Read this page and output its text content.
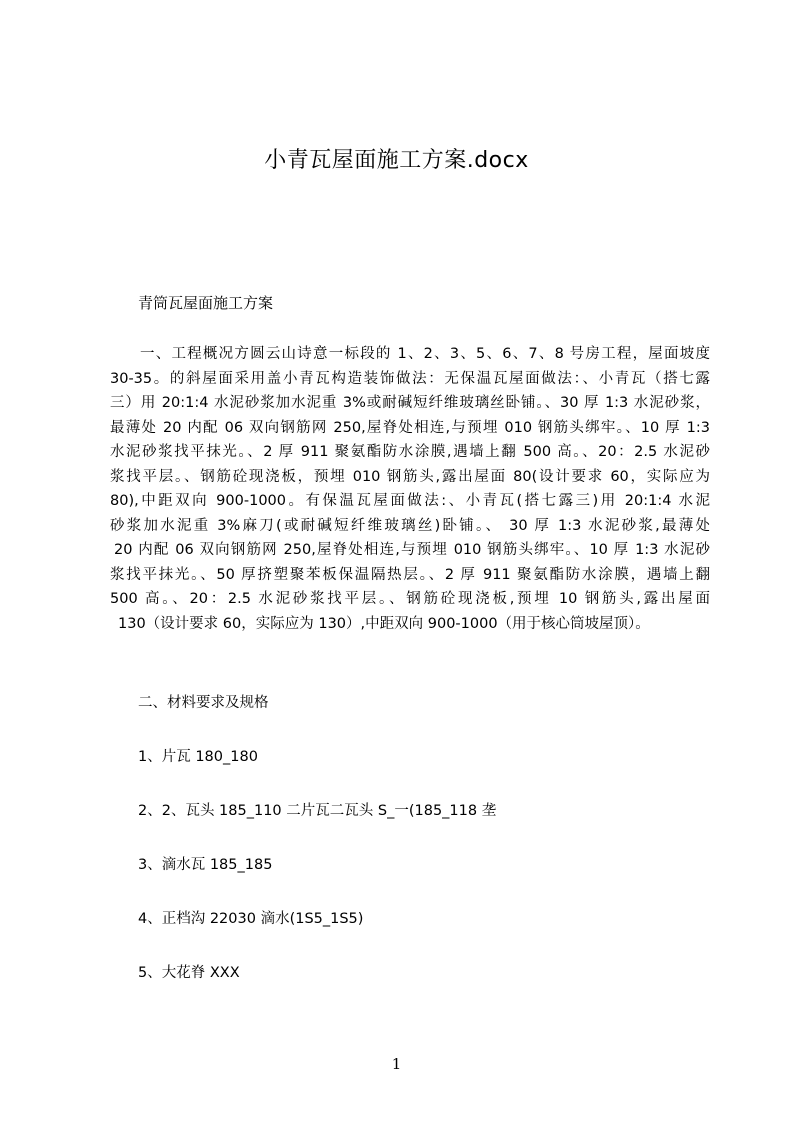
小青瓦屋面施工方案.docx

青筒瓦屋面施工方案

一、工程概况方圆云山诗意一标段的 1、2、3、5、6、7、8 号房工程，屋面坡度
30-35。的斜屋面采用盖小青瓦构造装饰做法：无保温瓦屋面做法：、小青瓦（搭七露
三）用 20:1:4 水泥砂浆加水泥重 3%或耐碱短纤维玻璃丝卧铺。、30 厚 1:3 水泥砂浆，
最薄处 20 内配 06 双向钢筋网 250,屋脊处相连,与预埋 010 钢筋头绑牢。、10 厚 1:3
水泥砂浆找平抹光。、2 厚 911 聚氨酯防水涂膜,遇墙上翻 500 高。、20：2.5 水泥砂
浆找平层。、钢筋砼现浇板，预埋 010 钢筋头,露出屋面 80(设计要求 60，实际应为
80),中距双向 900-1000。有保温瓦屋面做法:、小青瓦(搭七露三)用 20:1:4 水泥
砂浆加水泥重 3%麻刀(或耐碱短纤维玻璃丝)卧铺。、 30 厚 1:3 水泥砂浆,最薄处
20 内配 06 双向钢筋网 250,屋脊处相连,与预埋 010 钢筋头绑牢。、10 厚 1:3 水泥砂
浆找平抹光。、50 厚挤塑聚苯板保温隔热层。、2 厚 911 聚氨酯防水涂膜，遇墙上翻
500 高。、20：2.5 水泥砂浆找平层。、钢筋砼现浇板,预埋 10 钢筋头,露出屋面
130（设计要求 60，实际应为 130）,中距双向 900-1000（用于核心筒坡屋顶）。

二、材料要求及规格

1、片瓦 180_180

2、2、瓦头 185_110 二片瓦二瓦头 S_一(185_118 垄

3、滴水瓦 185_185

4、正档沟 22030 滴水(1S5_1S5)

5、大花脊 XXX

1
